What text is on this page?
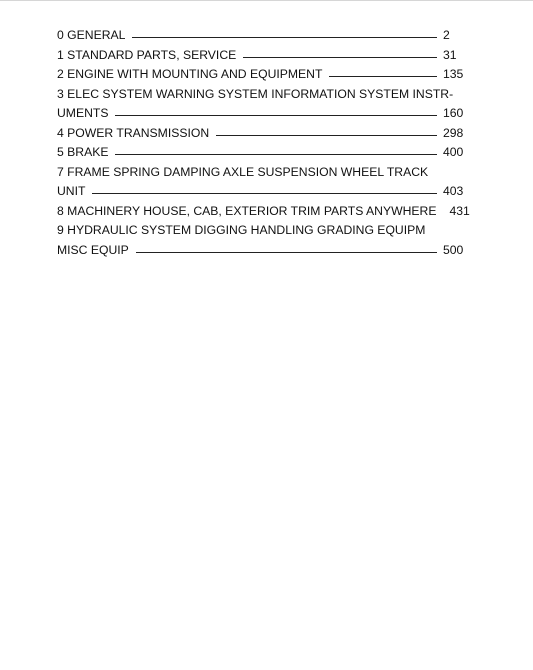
0 GENERAL	2
1 STANDARD PARTS, SERVICE	31
2 ENGINE WITH MOUNTING AND EQUIPMENT	135
3 ELEC SYSTEM WARNING SYSTEM INFORMATION SYSTEM INSTR-
UMENTS	160
4 POWER TRANSMISSION	298
5 BRAKE	400
7 FRAME SPRING DAMPING AXLE SUSPENSION WHEEL TRACK
UNIT	403
8 MACHINERY HOUSE, CAB, EXTERIOR TRIM PARTS ANYWHERE 431
9 HYDRAULIC SYSTEM DIGGING HANDLING GRADING EQUIPM
MISC EQUIP	500
